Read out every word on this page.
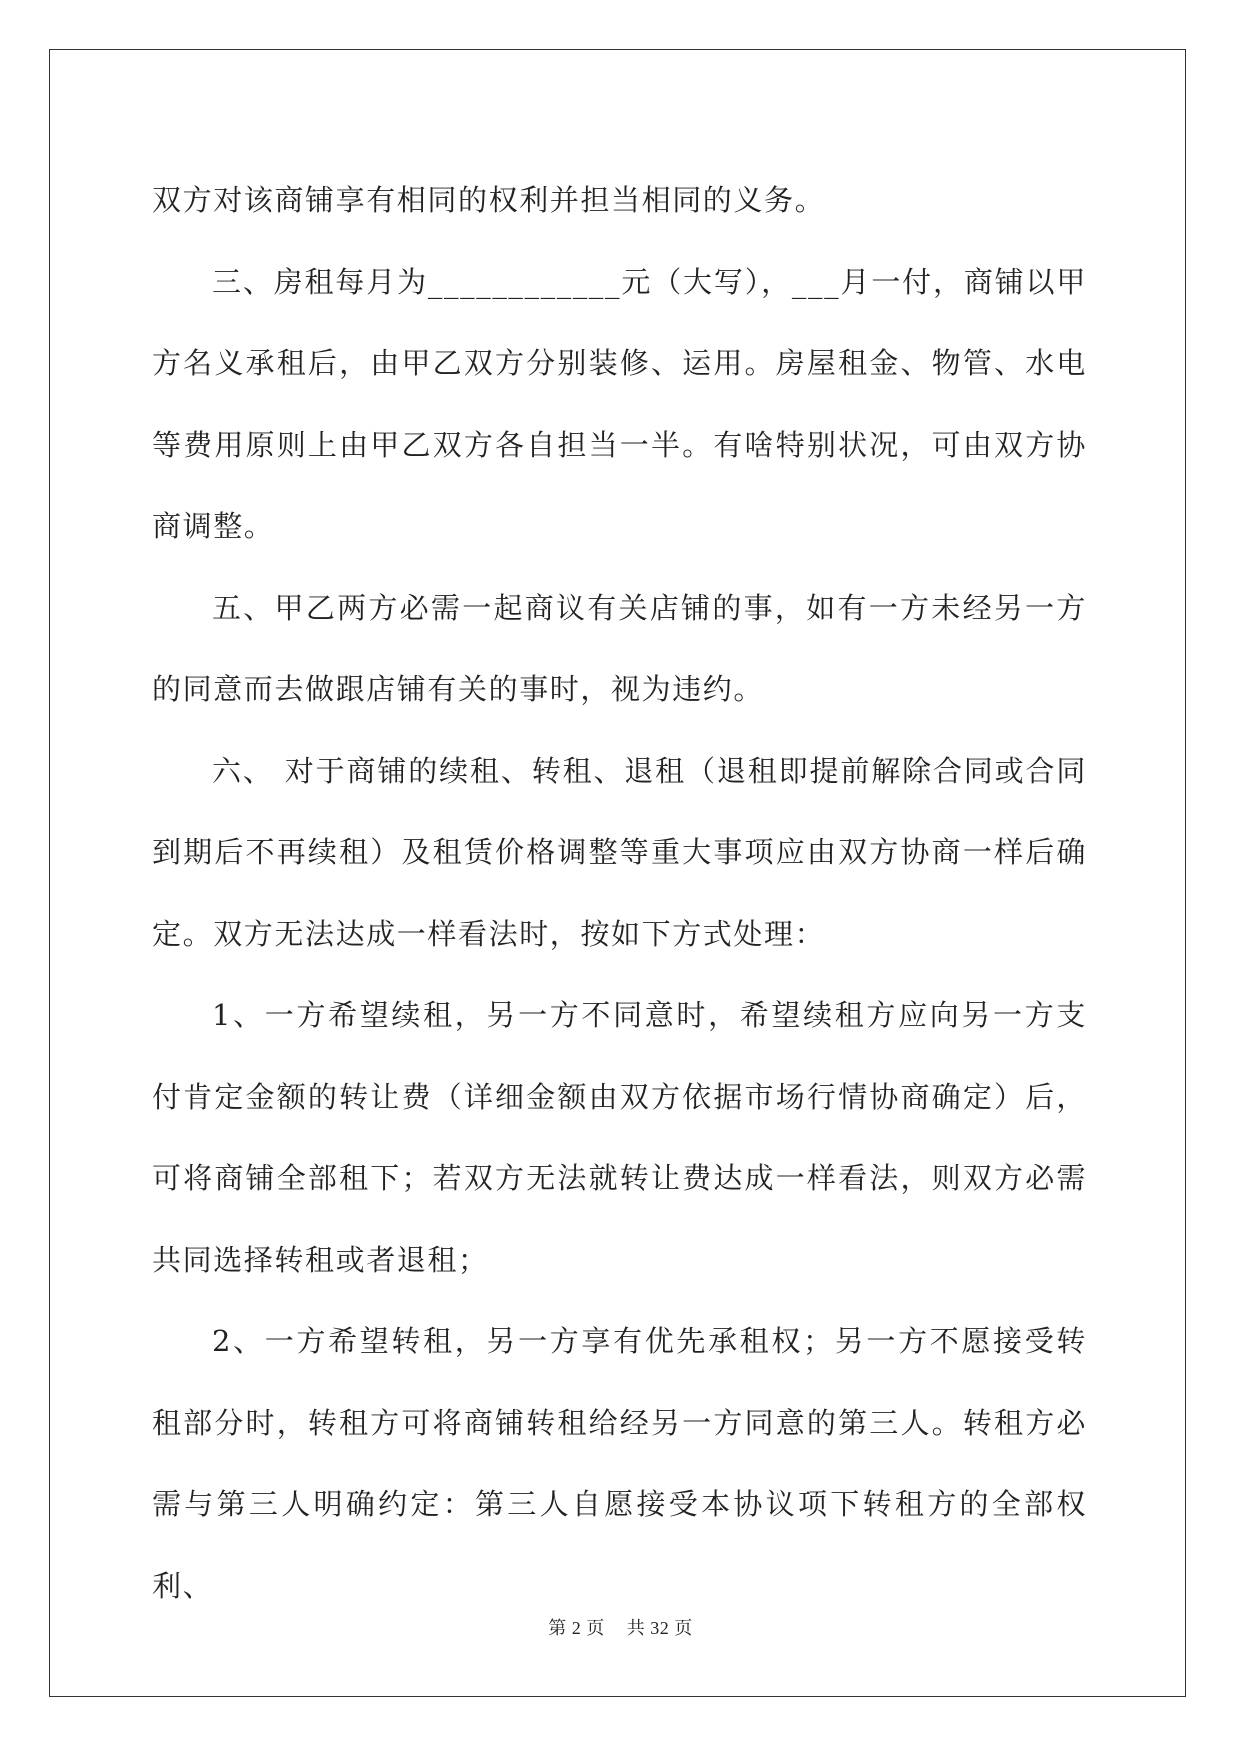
双方对该商铺享有相同的权利并担当相同的义务。

三、房租每月为____________元（大写），___月一付，商铺以甲方名义承租后，由甲乙双方分别装修、运用。房屋租金、物管、水电等费用原则上由甲乙双方各自担当一半。有啥特别状况，可由双方协商调整。

五、甲乙两方必需一起商议有关店铺的事，如有一方未经另一方的同意而去做跟店铺有关的事时，视为违约。

六、 对于商铺的续租、转租、退租（退租即提前解除合同或合同到期后不再续租）及租赁价格调整等重大事项应由双方协商一样后确定。双方无法达成一样看法时，按如下方式处理：

1、一方希望续租，另一方不同意时，希望续租方应向另一方支付肯定金额的转让费（详细金额由双方依据市场行情协商确定）后，可将商铺全部租下；若双方无法就转让费达成一样看法，则双方必需共同选择转租或者退租；

2、一方希望转租，另一方享有优先承租权；另一方不愿接受转租部分时，转租方可将商铺转租给经另一方同意的第三人。转租方必需与第三人明确约定：第三人自愿接受本协议项下转租方的全部权利、

第 2 页 共 32 页
